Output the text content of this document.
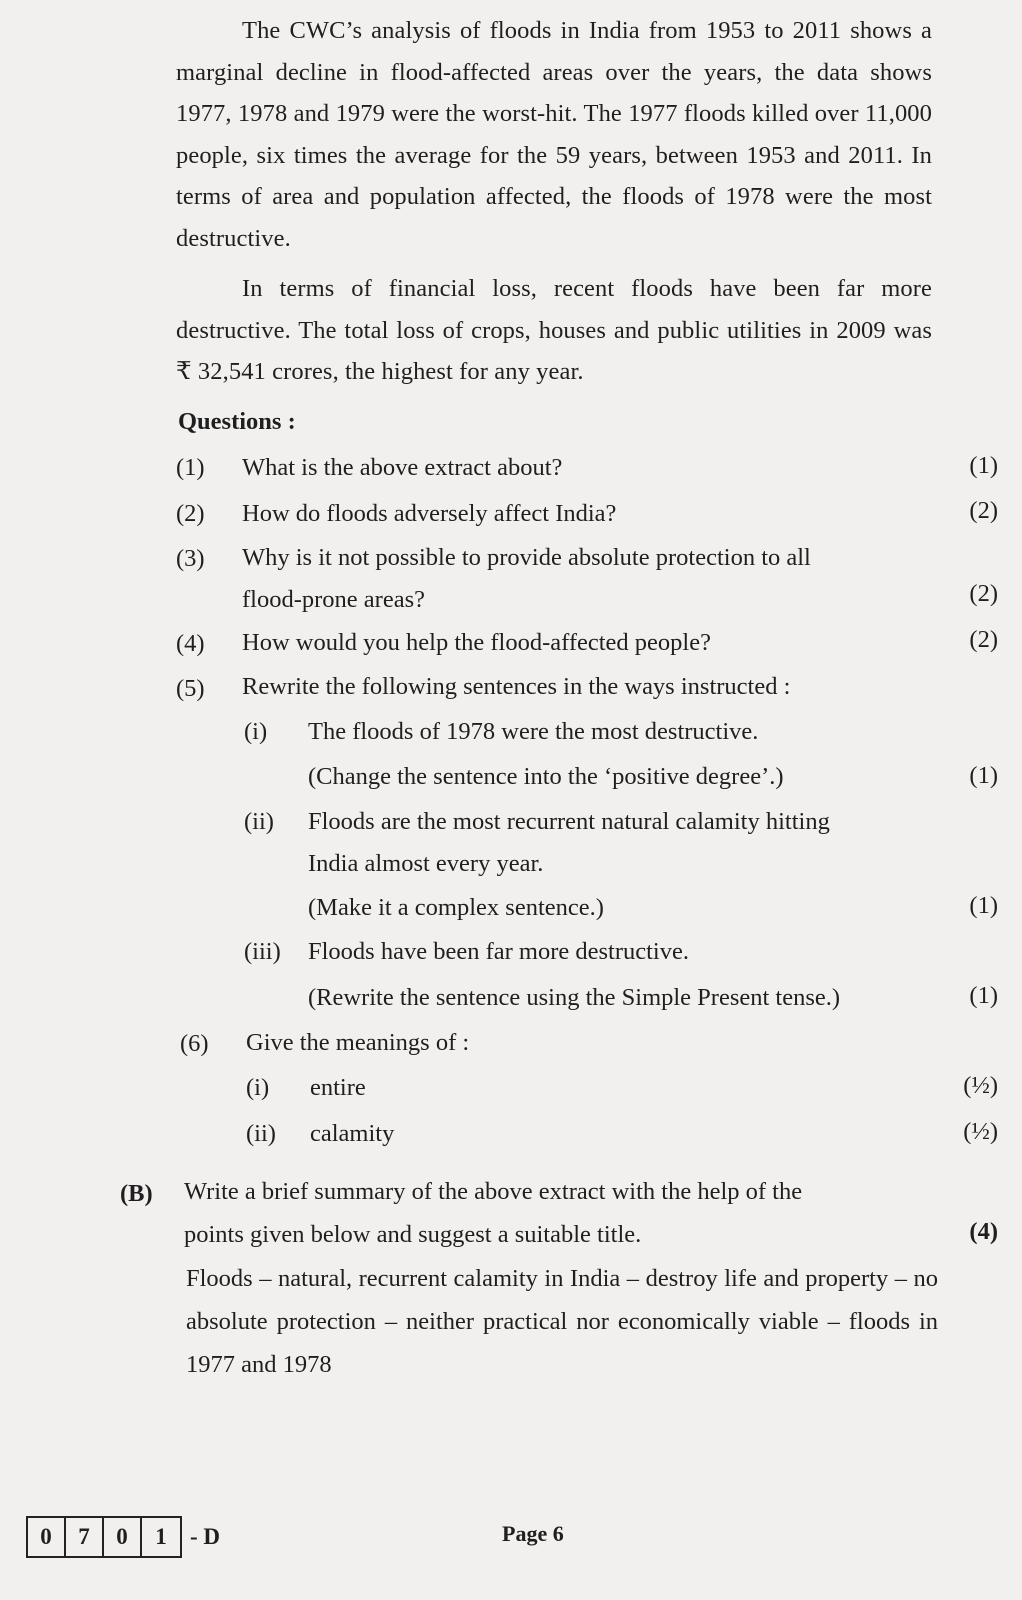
The CWC’s analysis of floods in India from 1953 to 2011 shows a marginal decline in flood-affected areas over the years, the data shows 1977, 1978 and 1979 were the worst-hit. The 1977 floods killed over 11,000 people, six times the average for the 59 years, between 1953 and 2011. In terms of area and population affected, the floods of 1978 were the most destructive.

In terms of financial loss, recent floods have been far more destructive. The total loss of crops, houses and public utilities in 2009 was ₹ 32,541 crores, the highest for any year.

Questions :

(1) What is the above extract about?	(1)
(2) How do floods adversely affect India?	(2)
(3) Why is it not possible to provide absolute protection to all
flood-prone areas?	(2)
(4) How would you help the flood-affected people?	(2)
(5) Rewrite the following sentences in the ways instructed :
(i) The floods of 1978 were the most destructive.
(Change the sentence into the ‘positive degree’.)	(1)
(ii) Floods are the most recurrent natural calamity hitting
India almost every year.
(Make it a complex sentence.)	(1)
(iii) Floods have been far more destructive.
(Rewrite the sentence using the Simple Present tense.)	(1)
(6) Give the meanings of :
(i) entire	(½)
(ii) calamity	(½)
(B) Write a brief summary of the above extract with the help of the
points given below and suggest a suitable title.	(4)

Floods – natural, recurrent calamity in India – destroy life and property – no absolute protection – neither practical nor economically viable – floods in 1977 and 1978

0	7	0	1	- D	Page 6
